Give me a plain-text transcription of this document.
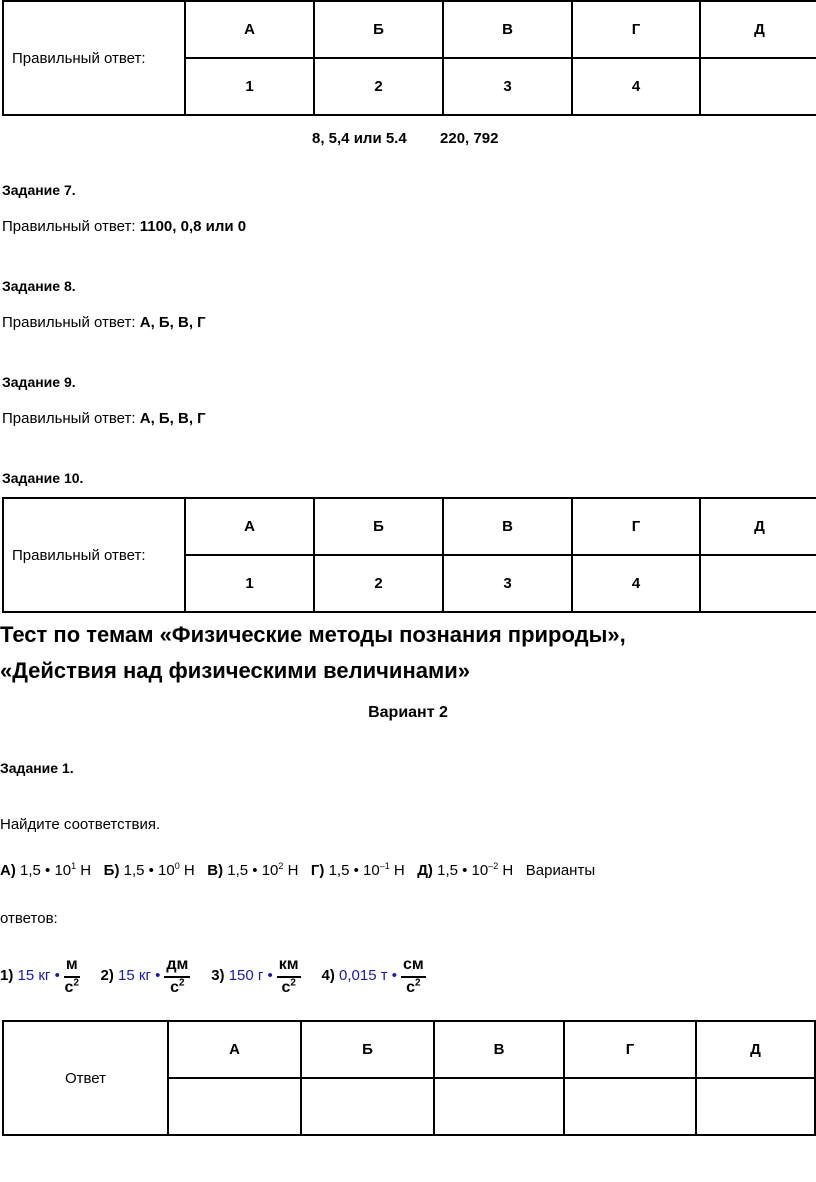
Правильный ответ:	А	Б	В	Г	Д
	1	2	3	4	
8, 5,4 или 5.4        220, 792
Задание 7.
Правильный ответ: 1100, 0,8 или 0
Задание 8.
Правильный ответ: А, Б, В, Г
Задание 9.
Правильный ответ: А, Б, В, Г
Задание 10.
Правильный ответ:	А	Б	В	Г	Д
	1	2	3	4	
Тест по темам «Физические методы познания природы»,
«Действия над физическими величинами»
Вариант 2
Задание 1.
Найдите соответствия.
А) 1,5 • $10^1$ Н Б) 1,5 • $10^0$ Н В) 1,5 • $10^2$ Н Г) 1,5 • $10^{-1}$ Н Д) 1,5 • $10^{-2}$ Н Варианты
ответов:
1) 15 кг • $\frac{м}{с^2} 2$) 15 кг • $\frac{дм}{с^2} 3$) 150 г • $\frac{км}{с^2} 4$) 0,015 т • $\frac{см}{с^2}$
Ответ	А	Б	В	Г	Д
